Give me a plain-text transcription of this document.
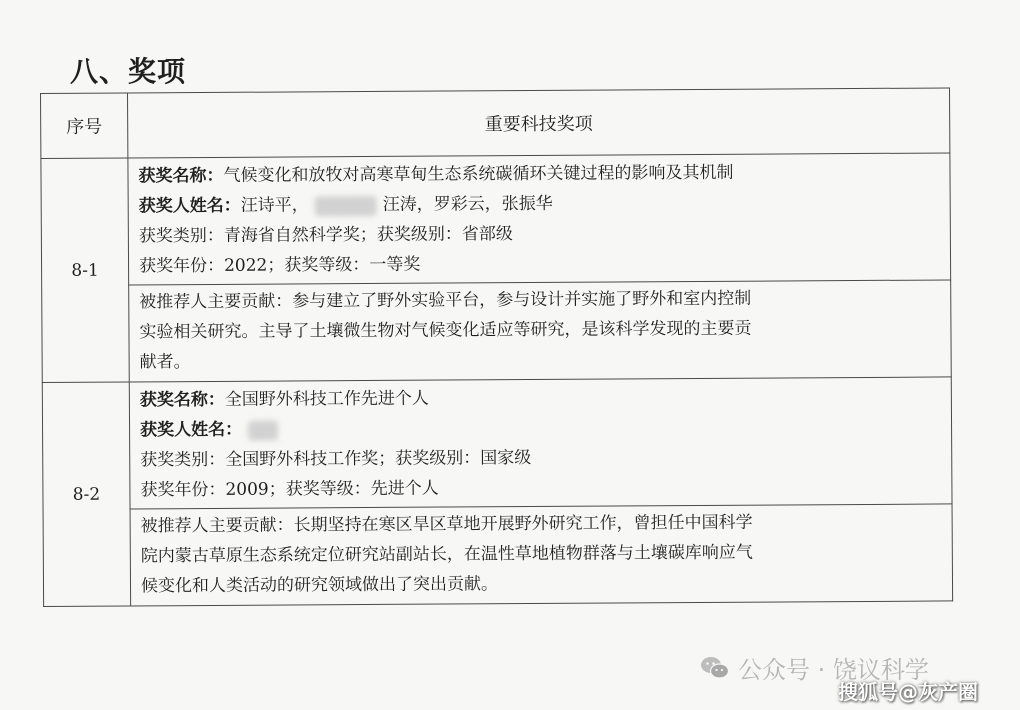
八、奖项
序号	重要科技奖项
8-1	获奖名称：气候变化和放牧对高寒草甸生态系统碳循环关键过程的影响及其机制
获奖人姓名：汪诗平， 汪涛，罗彩云，张振华
获奖类别：青海省自然科学奖；获奖级别：省部级
获奖年份：2022；获奖等级：一等奖

	被推荐人主要贡献：参与建立了野外实验平台，参与设计并实施了野外和室内控制
实验相关研究。主导了土壤微生物对气候变化适应等研究，是该科学发现的主要贡
献者。

8-2	获奖名称：全国野外科技工作先进个人
获奖人姓名：
获奖类别：全国野外科技工作奖；获奖级别：国家级
获奖年份：2009；获奖等级：先进个人

	被推荐人主要贡献：长期坚持在寒区旱区草地开展野外研究工作，曾担任中国科学
院内蒙古草原生态系统定位研究站副站长，在温性草地植物群落与土壤碳库响应气
候变化和人类活动的研究领域做出了突出贡献。
公众号 · 饶议科学
搜狐号@灰产圈
